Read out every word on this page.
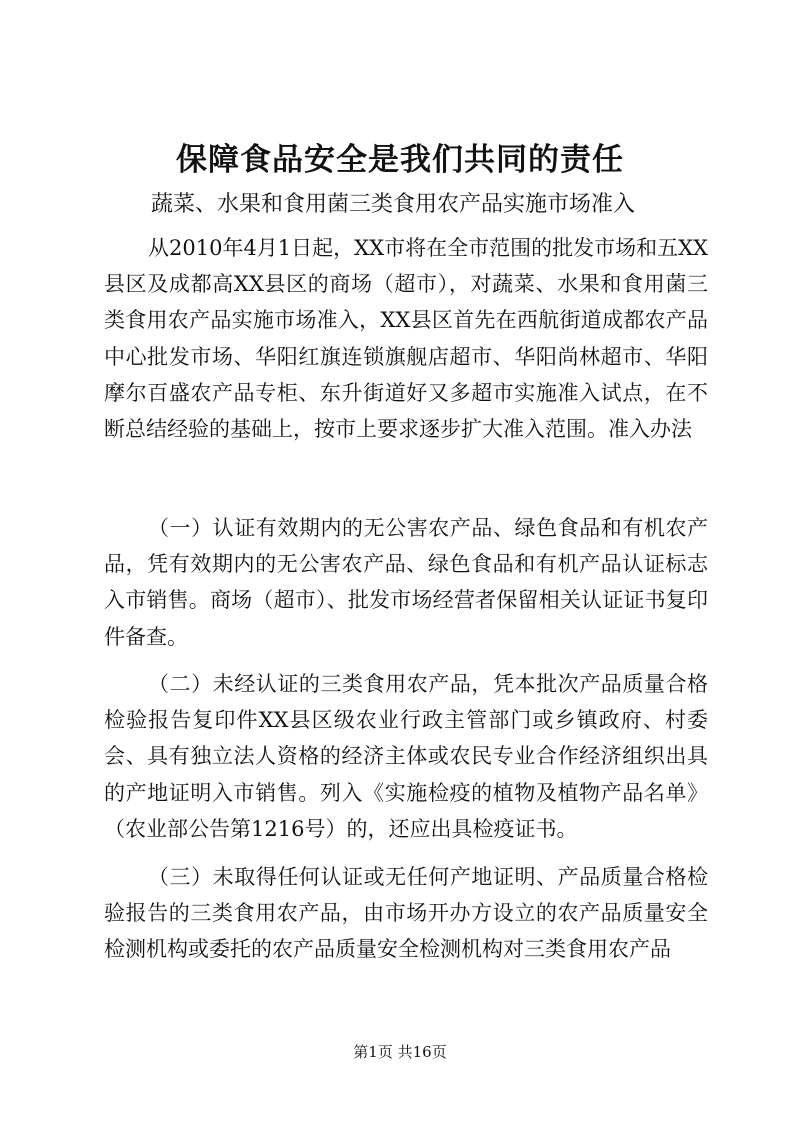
保障食品安全是我们共同的责任

蔬菜、水果和食用菌三类食用农产品实施市场准入

从2010年4月1日起，XX市将在全市范围的批发市场和五XX县区及成都高XX县区的商场（超市），对蔬菜、水果和食用菌三类食用农产品实施市场准入，XX县区首先在西航街道成都农产品中心批发市场、华阳红旗连锁旗舰店超市、华阳尚林超市、华阳摩尔百盛农产品专柜、东升街道好又多超市实施准入试点，在不断总结经验的基础上，按市上要求逐步扩大准入范围。准入办法

（一）认证有效期内的无公害农产品、绿色食品和有机农产品，凭有效期内的无公害农产品、绿色食品和有机产品认证标志入市销售。商场（超市）、批发市场经营者保留相关认证证书复印件备查。

（二）未经认证的三类食用农产品，凭本批次产品质量合格检验报告复印件XX县区级农业行政主管部门或乡镇政府、村委会、具有独立法人资格的经济主体或农民专业合作经济组织出具的产地证明入市销售。列入《实施检疫的植物及植物产品名单》（农业部公告第1216号）的，还应出具检疫证书。

（三）未取得任何认证或无任何产地证明、产品质量合格检验报告的三类食用农产品，由市场开办方设立的农产品质量安全检测机构或委托的农产品质量安全检测机构对三类食用农产品

第1页 共16页
